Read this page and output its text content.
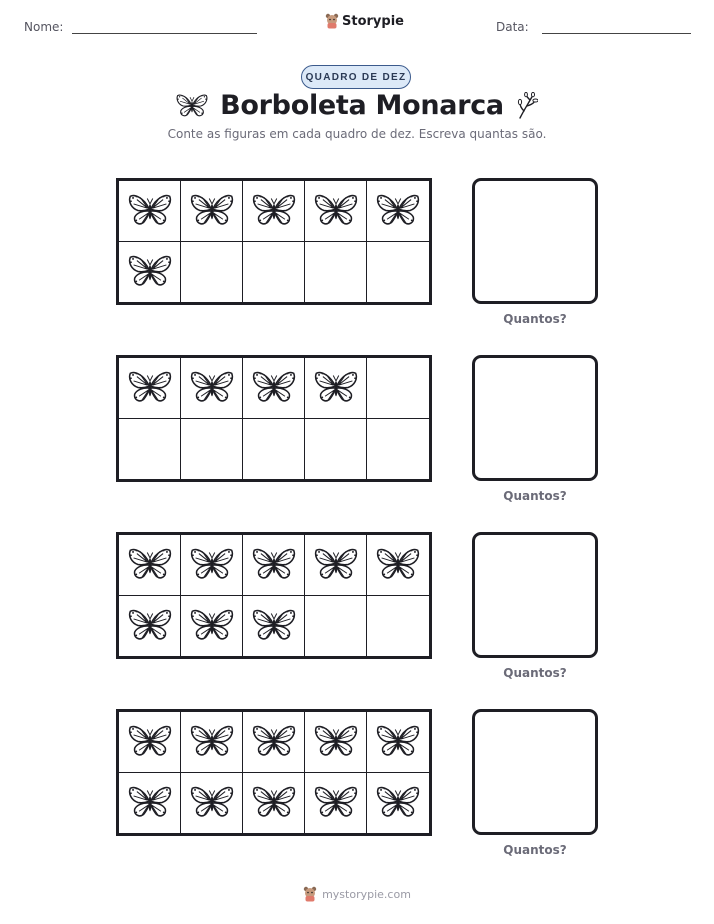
Nome:	Storypie	Data:
QUADRO DE DEZ
Borboleta Monarca
Conte as figuras em cada quadro de dez. Escreva quantas são.
Quantos?
Quantos?
Quantos?
Quantos?
mystorypie.com
